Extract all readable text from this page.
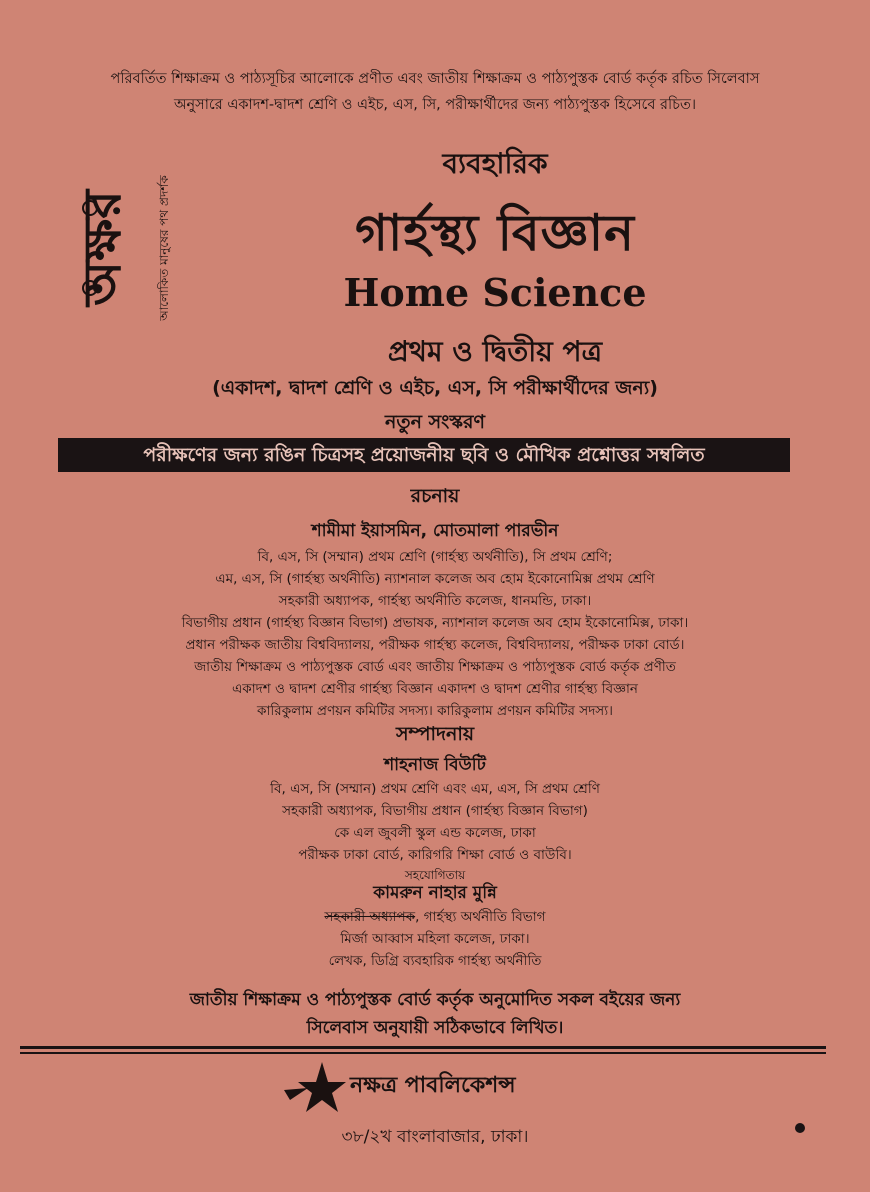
পরিবর্তিত শিক্ষাক্রম ও পাঠ্যসূচির আলোকে প্রণীত এবং জাতীয় শিক্ষাক্রম ও পাঠ্যপুস্তক বোর্ড কর্তৃক রচিত সিলেবাস
অনুসারে একাদশ-দ্বাদশ শ্রেণি ও এইচ, এস, সি, পরীক্ষার্থীদের জন্য পাঠ্যপুস্তক হিসেবে রচিত।
অক্ষর আলোকিত মানুষের পথ প্রদর্শক
ব্যবহারিক
গার্হস্থ্য বিজ্ঞান
Home Science
প্রথম ও দ্বিতীয় পত্র
(একাদশ, দ্বাদশ শ্রেণি ও এইচ, এস, সি পরীক্ষার্থীদের জন্য)
নতুন সংস্করণ
পরীক্ষণের জন্য রঙিন চিত্রসহ প্রয়োজনীয় ছবি ও মৌখিক প্রশ্নোত্তর সম্বলিত
রচনায়
শামীমা ইয়াসমিন, মোতমালা পারভীন
বি, এস, সি (সম্মান) প্রথম শ্রেণি (গার্হস্থ্য অর্থনীতি), সি প্রথম শ্রেণি;
এম, এস, সি (গার্হস্থ্য অর্থনীতি) ন্যাশনাল কলেজ অব হোম ইকোনোমিক্স প্রথম শ্রেণি
সহকারী অধ্যাপক, গার্হস্থ্য অর্থনীতি কলেজ, ধানমন্ডি, ঢাকা।
বিভাগীয় প্রধান (গার্হস্থ্য বিজ্ঞান বিভাগ) প্রভাষক, ন্যাশনাল কলেজ অব হোম ইকোনোমিক্স, ঢাকা।
প্রধান পরীক্ষক জাতীয় বিশ্ববিদ্যালয়, পরীক্ষক গার্হস্থ্য কলেজ, বিশ্ববিদ্যালয়, পরীক্ষক ঢাকা বোর্ড।
জাতীয় শিক্ষাক্রম ও পাঠ্যপুস্তক বোর্ড এবং জাতীয় শিক্ষাক্রম ও পাঠ্যপুস্তক বোর্ড কর্তৃক প্রণীত
একাদশ ও দ্বাদশ শ্রেণীর গার্হস্থ্য বিজ্ঞান একাদশ ও দ্বাদশ শ্রেণীর গার্হস্থ্য বিজ্ঞান
কারিকুলাম প্রণয়ন কমিটির সদস্য। কারিকুলাম প্রণয়ন কমিটির সদস্য।
সম্পাদনায়
শাহনাজ বিউটি
বি, এস, সি (সম্মান) প্রথম শ্রেণি এবং এম, এস, সি প্রথম শ্রেণি
সহকারী অধ্যাপক, বিভাগীয় প্রধান (গার্হস্থ্য বিজ্ঞান বিভাগ)
কে এল জুবলী স্কুল এন্ড কলেজ, ঢাকা
পরীক্ষক ঢাকা বোর্ড, কারিগরি শিক্ষা বোর্ড ও বাউবি।
সহযোগিতায়
কামরুন নাহার মুন্নি
সহকারী অধ্যাপক, গার্হস্থ্য অর্থনীতি বিভাগ
মির্জা আব্বাস মহিলা কলেজ, ঢাকা।
লেখক, ডিগ্রি ব্যবহারিক গার্হস্থ্য অর্থনীতি
জাতীয় শিক্ষাক্রম ও পাঠ্যপুস্তক বোর্ড কর্তৃক অনুমোদিত সকল বইয়ের জন্য
সিলেবাস অনুযায়ী সঠিকভাবে লিখিত।
নক্ষত্র পাবলিকেশন্স
৩৮/২খ বাংলাবাজার, ঢাকা।
